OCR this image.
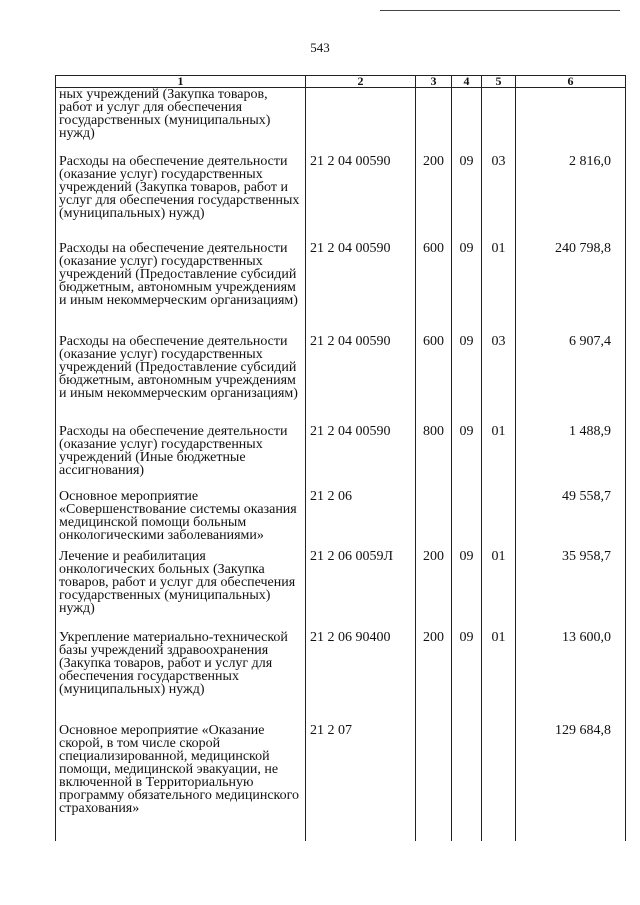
543
1	2	3	4	5	6
ных учреждений (Закупка товаров, работ и услуг для обеспечения государственных (муниципальных) нужд)					
Расходы на обеспечение деятельности (оказание услуг) государственных учреждений (Закупка товаров, работ и услуг для обеспечения государственных (муниципальных) нужд)	21 2 04 00590	200	09	03	2 816,0
Расходы на обеспечение деятельности (оказание услуг) государственных учреждений (Предоставление субсидий бюджетным, автономным учреждениям и иным некоммерческим организациям)	21 2 04 00590	600	09	01	240 798,8
Расходы на обеспечение деятельности (оказание услуг) государственных учреждений (Предоставление субсидий бюджетным, автономным учреждениям и иным некоммерческим организациям)	21 2 04 00590	600	09	03	6 907,4
Расходы на обеспечение деятельности (оказание услуг) государственных учреждений (Иные бюджетные ассигнования)	21 2 04 00590	800	09	01	1 488,9
Основное мероприятие «Совершенствование системы оказания медицинской помощи больным онкологическими заболеваниями»	21 2 06				49 558,7
Лечение и реабилитация онкологических больных (Закупка товаров, работ и услуг для обеспечения государственных (муниципальных) нужд)	21 2 06 0059Л	200	09	01	35 958,7
Укрепление материально-технической базы учреждений здравоохранения (Закупка товаров, работ и услуг для обеспечения государственных (муниципальных) нужд)	21 2 06 90400	200	09	01	13 600,0
Основное мероприятие «Оказание скорой, в том числе скорой специализированной, медицинской помощи, медицинской эвакуации, не включенной в Территориальную программу обязательного медицинского страхования»	21 2 07				129 684,8
